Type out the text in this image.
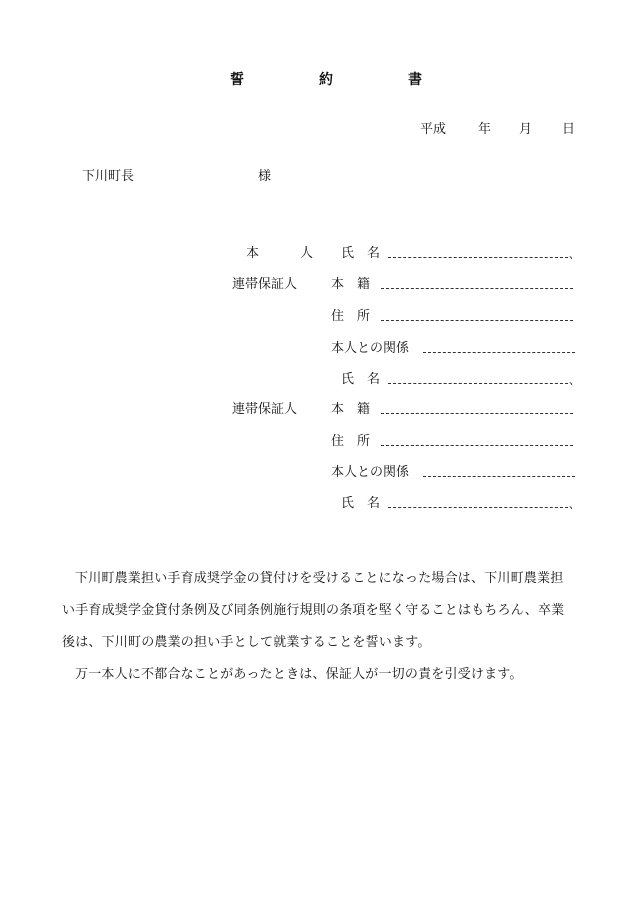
誓	約	書
平成 年 月 日
下川町長	様
本	人 氏　名	､
連帯保証人	本　籍
住　所
本人との関係
氏　名	､
連帯保証人	本　籍
住　所
本人との関係
氏　名	､

下川町農業担い手育成奨学金の貸付けを受けることになった場合は、下川町農業担

い手育成奨学金貸付条例及び同条例施行規則の条項を堅く守ることはもちろん、卒業

後は、下川町の農業の担い手として就業することを誓います。

万一本人に不都合なことがあったときは、保証人が一切の責を引受けます。
